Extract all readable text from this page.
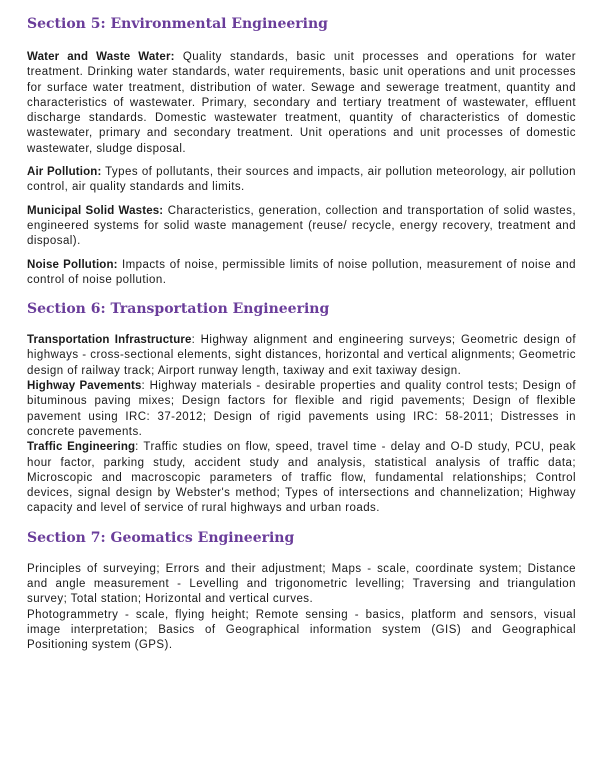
Section 5: Environmental Engineering

Water and Waste Water: Quality standards, basic unit processes and operations for water treatment. Drinking water standards, water requirements, basic unit operations and unit processes for surface water treatment, distribution of water. Sewage and sewerage treatment, quantity and characteristics of wastewater. Primary, secondary and tertiary treatment of wastewater, effluent discharge standards. Domestic wastewater treatment, quantity of characteristics of domestic wastewater, primary and secondary treatment. Unit operations and unit processes of domestic wastewater, sludge disposal.

Air Pollution: Types of pollutants, their sources and impacts, air pollution meteorology, air pollution control, air quality standards and limits.

Municipal Solid Wastes: Characteristics, generation, collection and transportation of solid wastes, engineered systems for solid waste management (reuse/ recycle, energy recovery, treatment and disposal).

Noise Pollution: Impacts of noise, permissible limits of noise pollution, measurement of noise and control of noise pollution.

Section 6: Transportation Engineering

Transportation Infrastructure: Highway alignment and engineering surveys; Geometric design of highways - cross-sectional elements, sight distances, horizontal and vertical alignments; Geometric design of railway track; Airport runway length, taxiway and exit taxiway design.

Highway Pavements: Highway materials - desirable properties and quality control tests; Design of bituminous paving mixes; Design factors for flexible and rigid pavements; Design of flexible pavement using IRC: 37-2012; Design of rigid pavements using IRC: 58-2011; Distresses in concrete pavements.

Traffic Engineering: Traffic studies on flow, speed, travel time - delay and O-D study, PCU, peak hour factor, parking study, accident study and analysis, statistical analysis of traffic data; Microscopic and macroscopic parameters of traffic flow, fundamental relationships; Control devices, signal design by Webster's method; Types of intersections and channelization; Highway capacity and level of service of rural highways and urban roads.

Section 7: Geomatics Engineering

Principles of surveying; Errors and their adjustment; Maps - scale, coordinate system; Distance and angle measurement - Levelling and trigonometric levelling; Traversing and triangulation survey; Total station; Horizontal and vertical curves.

Photogrammetry - scale, flying height; Remote sensing - basics, platform and sensors, visual image interpretation; Basics of Geographical information system (GIS) and Geographical Positioning system (GPS).
